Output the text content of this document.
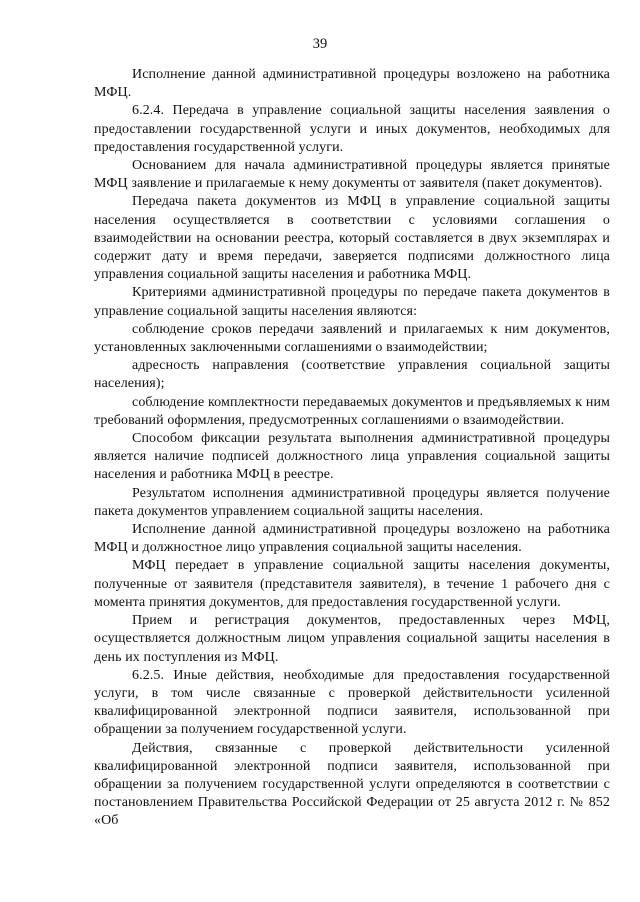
39

Исполнение данной административной процедуры возложено на работника МФЦ.

6.2.4. Передача в управление социальной защиты населения заявления о предоставлении государственной услуги и иных документов, необходимых для предоставления государственной услуги.

Основанием для начала административной процедуры является принятые МФЦ заявление и прилагаемые к нему документы от заявителя (пакет документов).

Передача пакета документов из МФЦ в управление социальной защиты населения осуществляется в соответствии с условиями соглашения о взаимодействии на основании реестра, который составляется в двух экземплярах и содержит дату и время передачи, заверяется подписями должностного лица управления социальной защиты населения и работника МФЦ.

Критериями административной процедуры по передаче пакета документов в управление социальной защиты населения являются:

соблюдение сроков передачи заявлений и прилагаемых к ним документов, установленных заключенными соглашениями о взаимодействии;

адресность направления (соответствие управления социальной защиты населения);

соблюдение комплектности передаваемых документов и предъявляемых к ним требований оформления, предусмотренных соглашениями о взаимодействии.

Способом фиксации результата выполнения административной процедуры является наличие подписей должностного лица управления социальной защиты населения и работника МФЦ в реестре.

Результатом исполнения административной процедуры является получение пакета документов управлением социальной защиты населения.

Исполнение данной административной процедуры возложено на работника МФЦ и должностное лицо управления социальной защиты населения.

МФЦ передает в управление социальной защиты населения документы, полученные от заявителя (представителя заявителя), в течение 1 рабочего дня с момента принятия документов, для предоставления государственной услуги.

Прием и регистрация документов, предоставленных через МФЦ, осуществляется должностным лицом управления социальной защиты населения в день их поступления из МФЦ.

6.2.5. Иные действия, необходимые для предоставления государственной услуги, в том числе связанные с проверкой действительности усиленной квалифицированной электронной подписи заявителя, использованной при обращении за получением государственной услуги.

Действия, связанные с проверкой действительности усиленной квалифицированной электронной подписи заявителя, использованной при обращении за получением государственной услуги определяются в соответствии с постановлением Правительства Российской Федерации от 25 августа 2012 г. № 852 «Об
